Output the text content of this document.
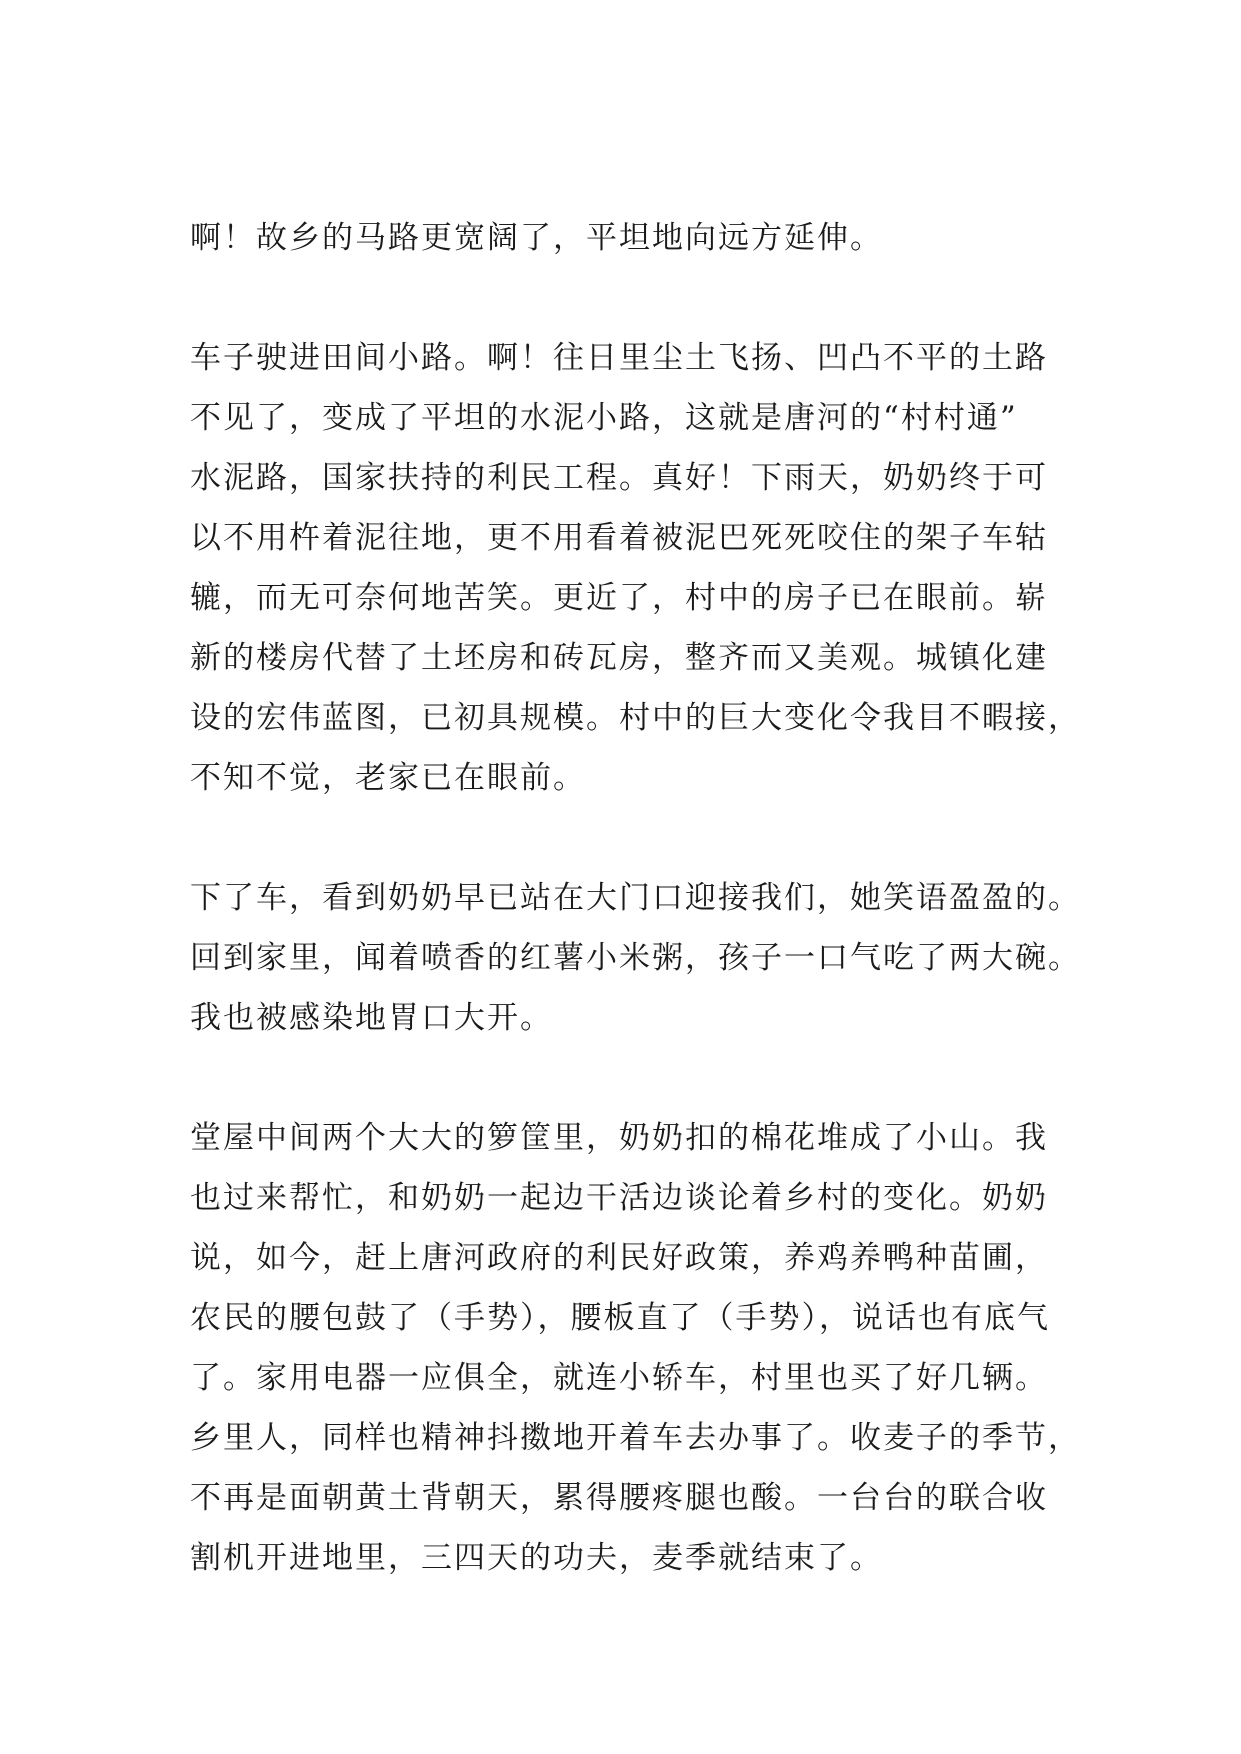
啊！故乡的马路更宽阔了，平坦地向远方延伸。
车子驶进田间小路。啊！往日里尘土飞扬、凹凸不平的土路
不见了，变成了平坦的水泥小路，这就是唐河的“村村通”
水泥路，国家扶持的利民工程。真好！下雨天，奶奶终于可
以不用杵着泥往地，更不用看着被泥巴死死咬住的架子车轱
辘，而无可奈何地苦笑。更近了，村中的房子已在眼前。崭
新的楼房代替了土坯房和砖瓦房，整齐而又美观。城镇化建
设的宏伟蓝图，已初具规模。村中的巨大变化令我目不暇接，
不知不觉，老家已在眼前。
下了车，看到奶奶早已站在大门口迎接我们，她笑语盈盈的。
回到家里，闻着喷香的红薯小米粥，孩子一口气吃了两大碗。
我也被感染地胃口大开。
堂屋中间两个大大的箩筐里，奶奶扣的棉花堆成了小山。我
也过来帮忙，和奶奶一起边干活边谈论着乡村的变化。奶奶
说，如今，赶上唐河政府的利民好政策，养鸡养鸭种苗圃，
农民的腰包鼓了（手势），腰板直了（手势），说话也有底气
了。家用电器一应俱全，就连小轿车，村里也买了好几辆。
乡里人，同样也精神抖擞地开着车去办事了。收麦子的季节，
不再是面朝黄土背朝天，累得腰疼腿也酸。一台台的联合收
割机开进地里，三四天的功夫，麦季就结束了。
